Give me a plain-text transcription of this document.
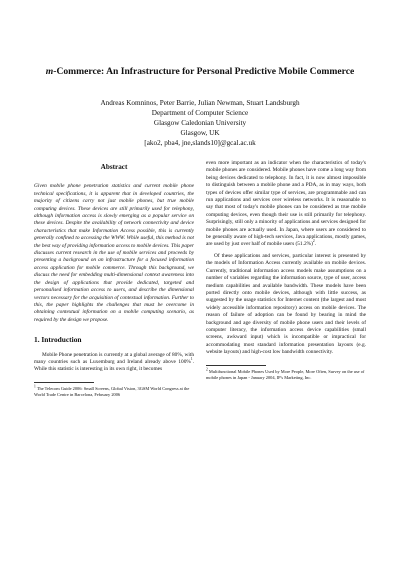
m-Commerce: An Infrastructure for Personal Predictive Mobile Commerce
Andreas Komninos, Peter Barrie, Julian Newman, Stuart Landsburgh
Department of Computer Science
Glasgow Caledonian University
Glasgow, UK
[ako2, pba4, jne,slands10]@gcal.ac.uk
Abstract

Given mobile phone penetration statistics and current mobile phone technical specifications, it is apparent that in developed countries, the majority of citizens carry not just mobile phones, but true mobile computing devices. These devices are still primarily used for telephony, although information access is slowly emerging as a popular service on these devices. Despite the availability of network connectivity and device characteristics that make Information Access possible, this is currently generally confined to accessing the WWW. While useful, this method is not the best way of providing information access to mobile devices. This paper discusses current research in the use of mobile services and proceeds by presenting a background on an infrastructure for a focused information access application for mobile commerce. Through this background, we discuss the need for embedding multi-dimensional context awareness into the design of applications that provide dedicated, targeted and personalised information access to users, and describe the dimensional vectors necessary for the acquisition of contextual information. Further to this, the paper highlights the challenges that must be overcome in obtaining contextual information on a mobile computing scenario, as required by the design we propose.

1. Introduction

Mobile Phone penetration is currently at a global average of 80%, with many countries such as Luxemburg and Ireland already above 100%$^1$. While this statistic is interesting in its own right, it becomes

$^1$ The Telecom Guide 2006: Small Screens, Global Vision, 3GSM World Congress at the World Trade Centre in Barcelona, February 2006

even more important as an indicator when the characteristics of today's mobile phones are considered. Mobile phones have come a long way from being devices dedicated to telephony. In fact, it is now almost impossible to distinguish between a mobile phone and a PDA, as in may ways, both types of devices offer similar type of services, are programmable and can run applications and services over wireless networks. It is reasonable to say that most of today's mobile phones can be considered as true mobile computing devices, even though their use is still primarily for telephony. Surprisingly, still only a minority of applications and services designed for mobile phones are actually used. In Japan, where users are considered to be generally aware of high-tech services, Java applications, mostly games, are used by just over half of mobile users $(51.2\%)^2$.

Of these applications and services, particular interest is presented by the models of Information Access currently available on mobile devices. Currently, traditional information access models make assumptions on a number of variables regarding the information source, type of user, access medium capabilities and available bandwidth. These models have been ported directly onto mobile devices, although with little success, as suggested by the usage statistics for Internet content (the largest and most widely accessible information repository) access on mobile devices. The reason of failure of adoption can be found by bearing in mind the background and age diversity of mobile phone users and their levels of computer literacy, the information access device capabilities (small screens, awkward input) which is incompatible or impractical for accommodating most standard information presentation layouts (e.g. website layouts) and high-cost low bandwidth connectivity.

$^2$ Multifunctional Mobile Phones Used by More People, More Often, Survey on the use of mobile phones in Japan - January 2004, IP's Marketing, Inc.
